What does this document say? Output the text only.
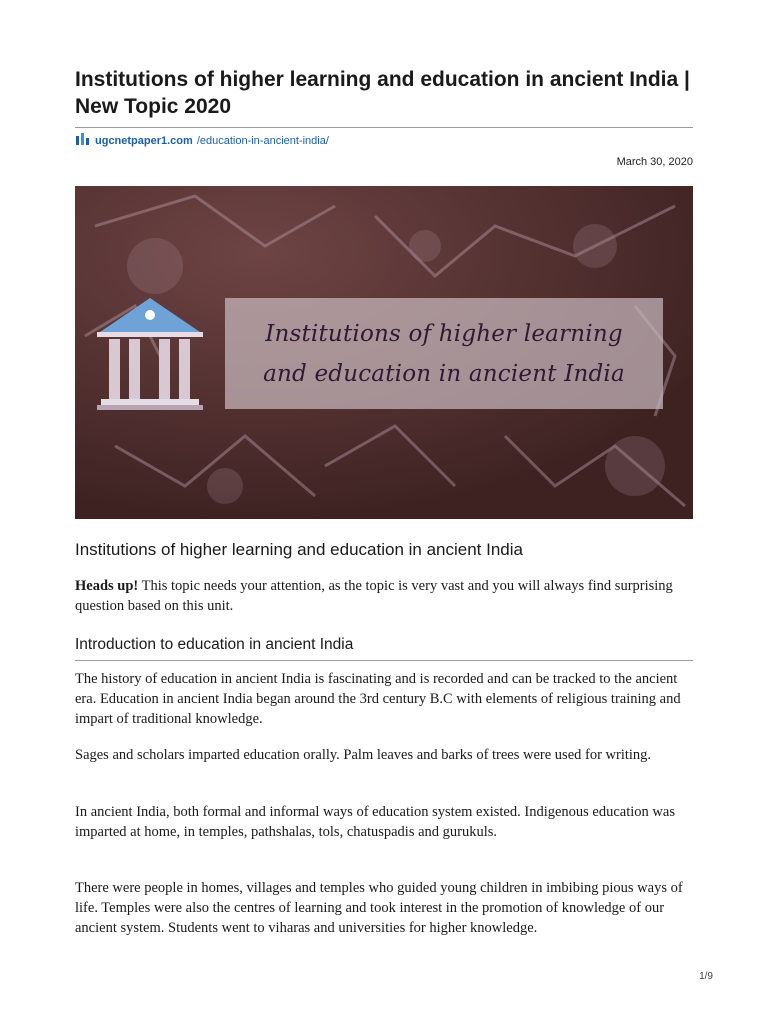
Institutions of higher learning and education in ancient India | New Topic 2020
ugcnetpaper1.com /education-in-ancient-india/
March 30, 2020
Institutions of higher learning
and education in ancient India
Institutions of higher learning and education in ancient India

Heads up! This topic needs your attention, as the topic is very vast and you will always find surprising question based on this unit.

Introduction to education in ancient India

The history of education in ancient India is fascinating and is recorded and can be tracked to the ancient era. Education in ancient India began around the 3rd century B.C with elements of religious training and impart of traditional knowledge.

Sages and scholars imparted education orally. Palm leaves and barks of trees were used for writing.

In ancient India, both formal and informal ways of education system existed. Indigenous education was imparted at home, in temples, pathshalas, tols, chatuspadis and gurukuls.

There were people in homes, villages and temples who guided young children in imbibing pious ways of life. Temples were also the centres of learning and took interest in the promotion of knowledge of our ancient system. Students went to viharas and universities for higher knowledge.

1/9
